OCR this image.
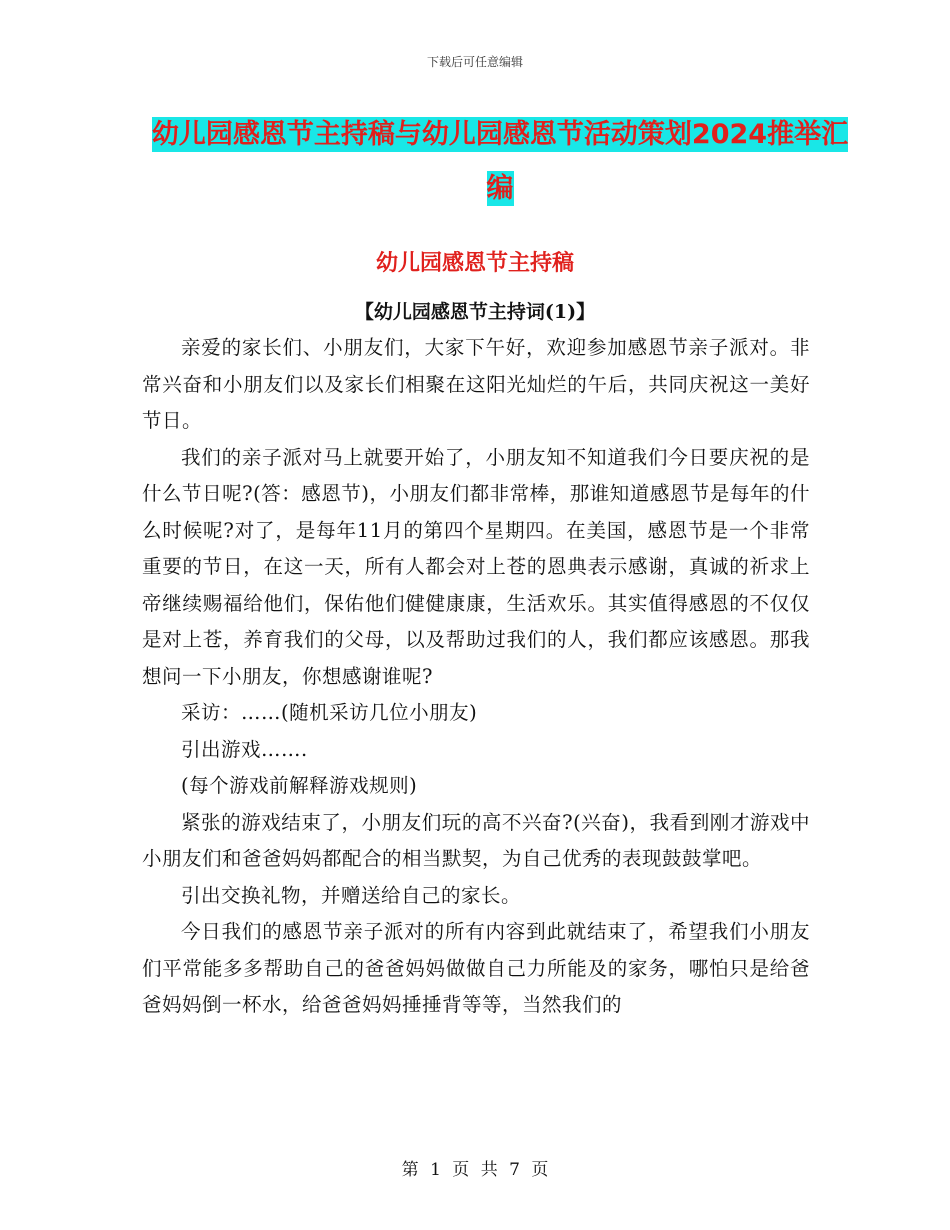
下载后可任意编辑
幼儿园感恩节主持稿与幼儿园感恩节活动策划2024推举汇编
幼儿园感恩节主持稿
【幼儿园感恩节主持词(1)】

亲爱的家长们、小朋友们，大家下午好，欢迎参加感恩节亲子派对。非常兴奋和小朋友们以及家长们相聚在这阳光灿烂的午后，共同庆祝这一美好节日。

我们的亲子派对马上就要开始了，小朋友知不知道我们今日要庆祝的是什么节日呢?(答：感恩节)，小朋友们都非常棒，那谁知道感恩节是每年的什么时候呢?对了，是每年11月的第四个星期四。在美国，感恩节是一个非常重要的节日，在这一天，所有人都会对上苍的恩典表示感谢，真诚的祈求上帝继续赐福给他们，保佑他们健健康康，生活欢乐。其实值得感恩的不仅仅是对上苍，养育我们的父母，以及帮助过我们的人，我们都应该感恩。那我想问一下小朋友，你想感谢谁呢?

采访：……(随机采访几位小朋友)

引出游戏…….

(每个游戏前解释游戏规则)

紧张的游戏结束了，小朋友们玩的高不兴奋?(兴奋)，我看到刚才游戏中小朋友们和爸爸妈妈都配合的相当默契，为自己优秀的表现鼓鼓掌吧。

引出交换礼物，并赠送给自己的家长。

今日我们的感恩节亲子派对的所有内容到此就结束了，希望我们小朋友们平常能多多帮助自己的爸爸妈妈做做自己力所能及的家务，哪怕只是给爸爸妈妈倒一杯水，给爸爸妈妈捶捶背等等，当然我们的

第 1 页 共 7 页
